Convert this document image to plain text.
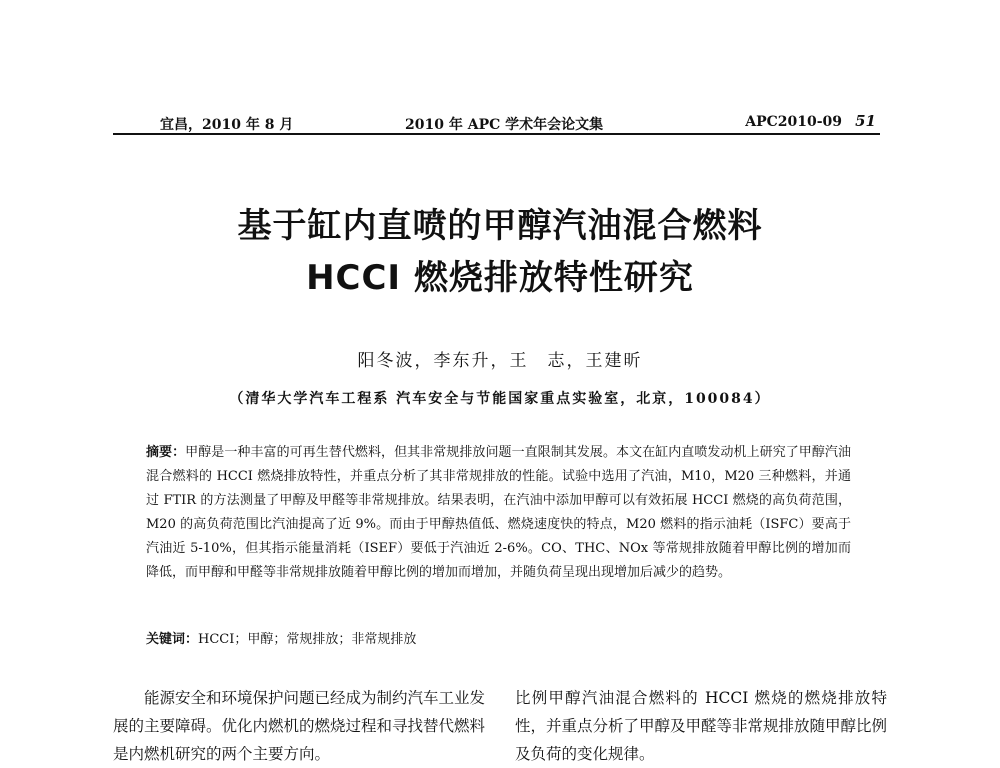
宜昌，2010 年 8 月	2010 年 APC 学术年会论文集	APC2010-09 51
基于缸内直喷的甲醇汽油混合燃料
HCCI 燃烧排放特性研究
阳冬波，李东升，王　志，王建昕
（清华大学汽车工程系 汽车安全与节能国家重点实验室，北京，100084）
摘要：甲醇是一种丰富的可再生替代燃料，但其非常规排放问题一直限制其发展。本文在缸内直喷发动机上研究了甲醇汽油混合燃料的 HCCI 燃烧排放特性，并重点分析了其非常规排放的性能。试验中选用了汽油，M10，M20 三种燃料，并通过 FTIR 的方法测量了甲醇及甲醛等非常规排放。结果表明，在汽油中添加甲醇可以有效拓展 HCCI 燃烧的高负荷范围，M20 的高负荷范围比汽油提高了近 9%。而由于甲醇热值低、燃烧速度快的特点，M20 燃料的指示油耗（ISFC）要高于汽油近 5-10%，但其指示能量消耗（ISEF）要低于汽油近 2-6%。CO、THC、NOx 等常规排放随着甲醇比例的增加而降低，而甲醇和甲醛等非常规排放随着甲醇比例的增加而增加，并随负荷呈现出现增加后减少的趋势。
关键词：HCCI；甲醇；常规排放；非常规排放
能源安全和环境保护问题已经成为制约汽车工业发展的主要障碍。优化内燃机的燃烧过程和寻找替代燃料是内燃机研究的两个主要方向。
比例甲醇汽油混合燃料的 HCCI 燃烧的燃烧排放特性，并重点分析了甲醇及甲醛等非常规排放随甲醇比例及负荷的变化规律。
